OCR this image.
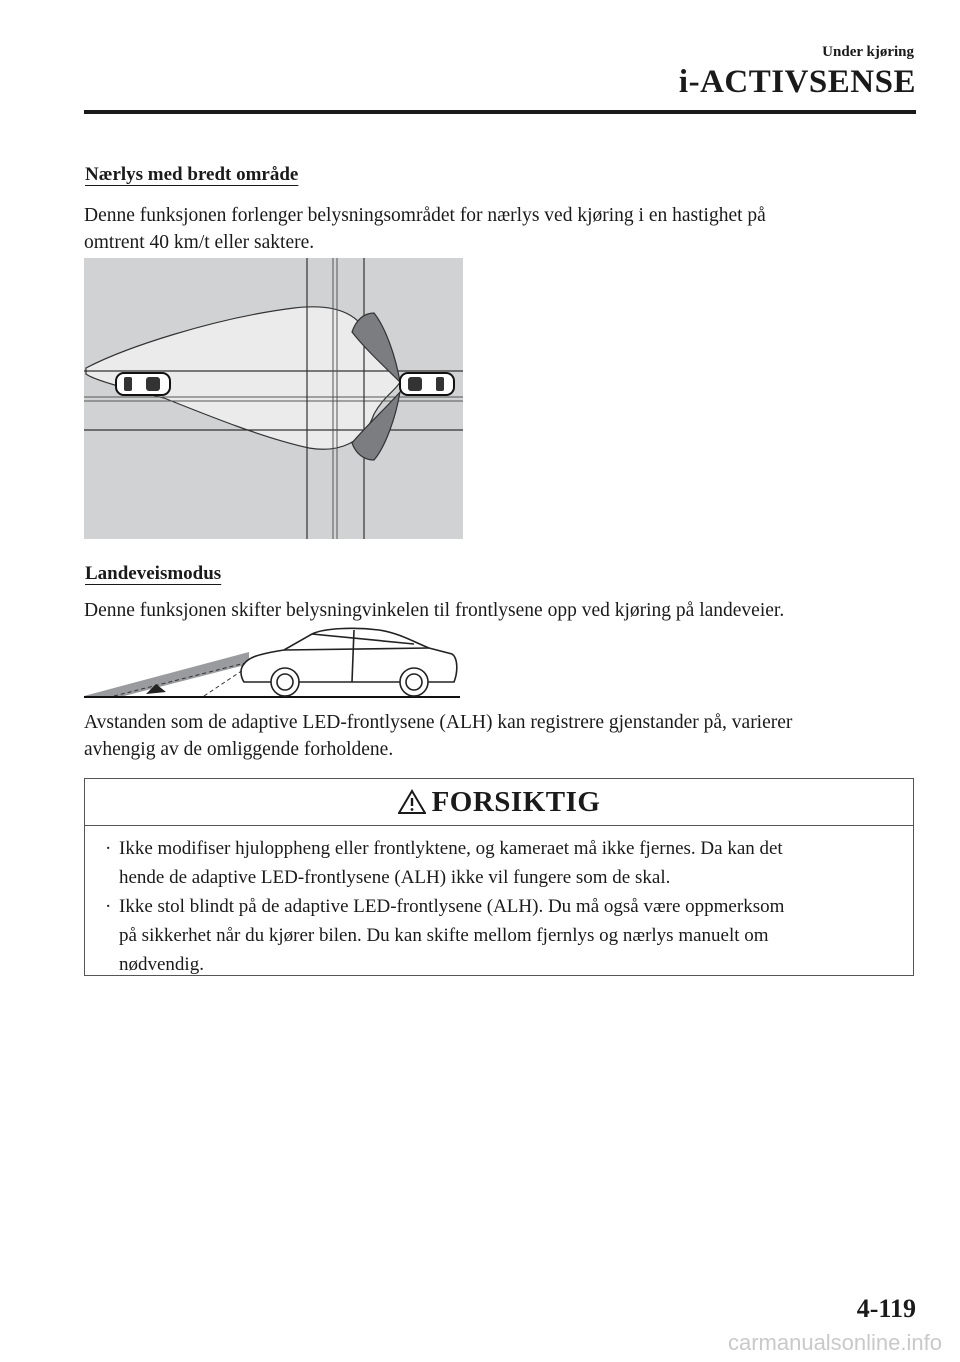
Under kjøring
i-ACTIVSENSE
Nærlys med bredt område
Denne funksjonen forlenger belysningsområdet for nærlys ved kjøring i en hastighet på
omtrent 40 km/t eller saktere.
Landeveismodus
Denne funksjonen skifter belysningvinkelen til frontlysene opp ved kjøring på landeveier.
Avstanden som de adaptive LED-frontlysene (ALH) kan registrere gjenstander på, varierer
avhengig av de omliggende forholdene.
FORSIKTIG
· Ikke modifiser hjuloppheng eller frontlyktene, og kameraet må ikke fjernes. Da kan det
hende de adaptive LED-frontlysene (ALH) ikke vil fungere som de skal.
· Ikke stol blindt på de adaptive LED-frontlysene (ALH). Du må også være oppmerksom
på sikkerhet når du kjører bilen. Du kan skifte mellom fjernlys og nærlys manuelt om
nødvendig.
4-119
carmanualsonline.info
